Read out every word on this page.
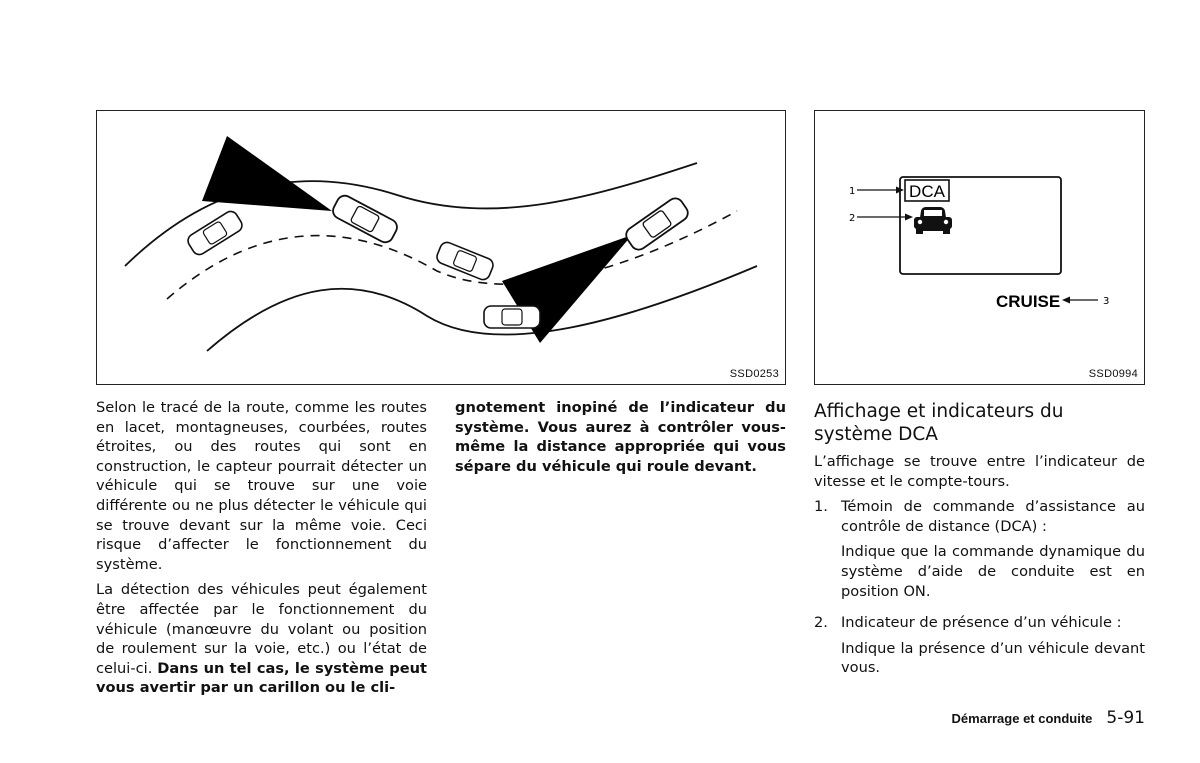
SSD0253
DCA
1
2
CRUISE	3
SSD0994

Selon le tracé de la route, comme les routes en lacet, montagneuses, courbées, routes étroites, ou des routes qui sont en construction, le capteur pourrait détecter un véhicule qui se trouve sur une voie différente ou ne plus détecter le véhicule qui se trouve devant sur la même voie. Ceci risque d’affecter le fonctionnement du système.

La détection des véhicules peut également être affectée par le fonctionnement du véhicule (manœuvre du volant ou position de roulement sur la voie, etc.) ou l’état de celui-ci. Dans un tel cas, le système peut vous avertir par un carillon ou le cli-

gnotement inopiné de l’indicateur du système. Vous aurez à contrôler vous-même la distance appropriée qui vous sépare du véhicule qui roule devant.

Affichage et indicateurs du système DCA

L’affichage se trouve entre l’indicateur de vitesse et le compte-tours.

1. Témoin de commande d’assistance au contrôle de distance (DCA) :

Indique que la commande dynamique du système d’aide de conduite est en position ON.

2. Indicateur de présence d’un véhicule :

Indique la présence d’un véhicule devant vous.

Démarrage et conduite 5-91
